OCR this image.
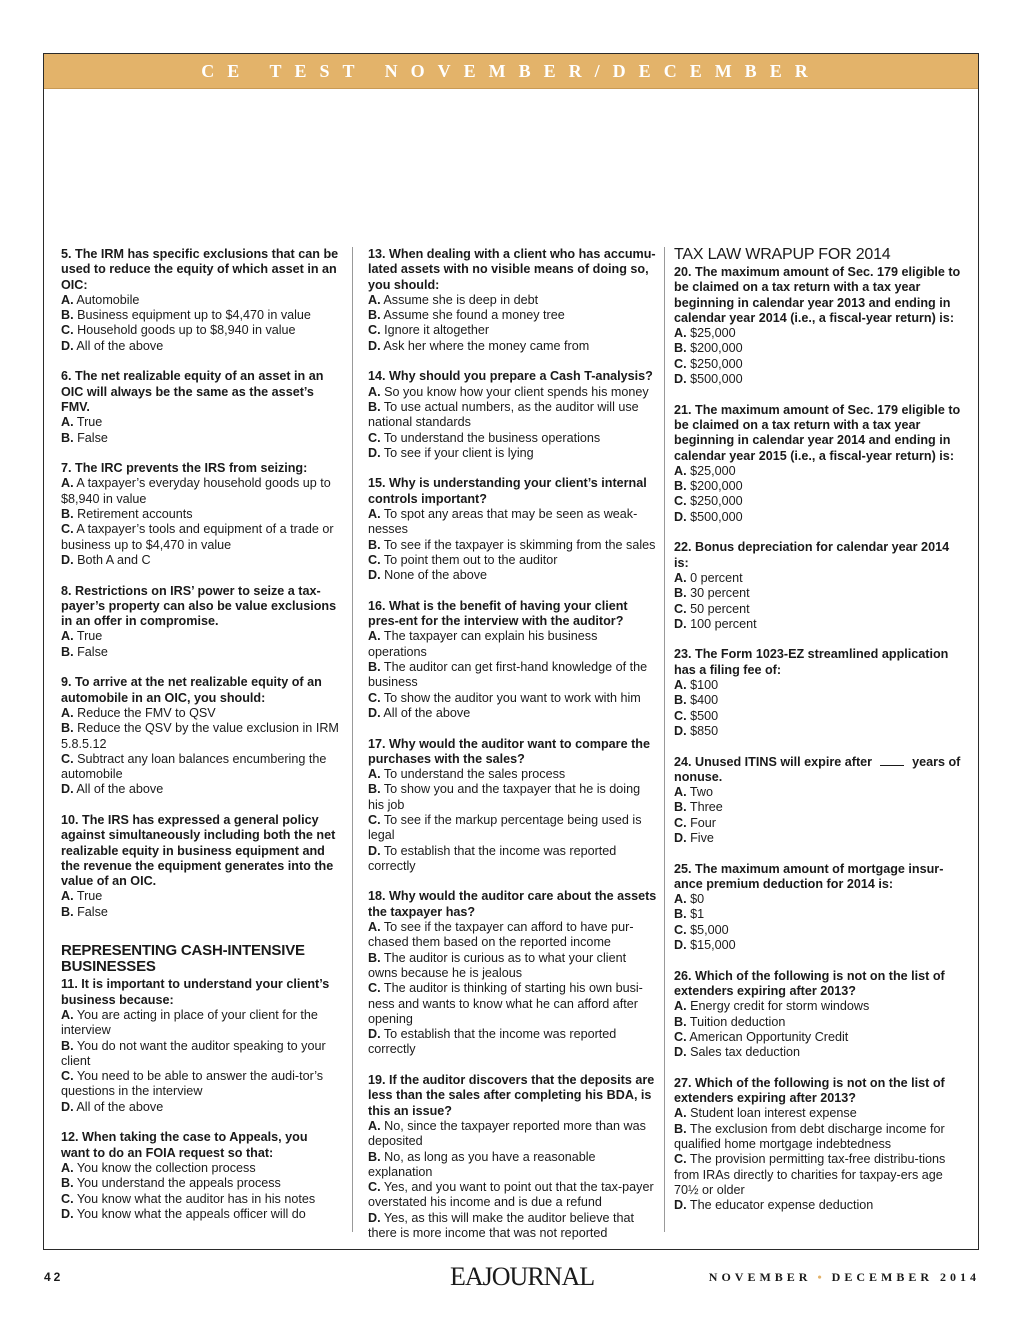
CE TEST NOVEMBER/DECEMBER

5. The IRM has specific exclusions that can be used to reduce the equity of which asset in an OIC:

A. Automobile

B. Business equipment up to $4,470 in value

C. Household goods up to $8,940 in value

D. All of the above

6. The net realizable equity of an asset in an OIC will always be the same as the asset’s FMV.

A. True

B. False

7. The IRC prevents the IRS from seizing:

A. A taxpayer’s everyday household goods up to $8,940 in value

B. Retirement accounts

C. A taxpayer’s tools and equipment of a trade or business up to $4,470 in value

D. Both A and C

8. Restrictions on IRS’ power to seize a tax-payer’s property can also be value exclusions in an offer in compromise.

A. True

B. False

9. To arrive at the net realizable equity of an automobile in an OIC, you should:

A. Reduce the FMV to QSV

B. Reduce the QSV by the value exclusion in IRM 5.8.5.12

C. Subtract any loan balances encumbering the automobile

D. All of the above

10. The IRS has expressed a general policy against simultaneously including both the net realizable equity in business equipment and the revenue the equipment generates into the value of an OIC.

A. True

B. False

REPRESENTING CASH-INTENSIVE BUSINESSES

11. It is important to understand your client’s business because:

A. You are acting in place of your client for the interview

B. You do not want the auditor speaking to your client

C. You need to be able to answer the audi-tor’s questions in the interview

D. All of the above

12. When taking the case to Appeals, you want to do an FOIA request so that:

A. You know the collection process

B. You understand the appeals process

C. You know what the auditor has in his notes

D. You know what the appeals officer will do

13. When dealing with a client who has accumu-lated assets with no visible means of doing so, you should:

A. Assume she is deep in debt

B. Assume she found a money tree

C. Ignore it altogether

D. Ask her where the money came from

14. Why should you prepare a Cash T-analysis?

A. So you know how your client spends his money

B. To use actual numbers, as the auditor will use national standards

C. To understand the business operations

D. To see if your client is lying

15. Why is understanding your client’s internal controls important?

A. To spot any areas that may be seen as weak-nesses

B. To see if the taxpayer is skimming from the sales

C. To point them out to the auditor

D. None of the above

16. What is the benefit of having your client pres-ent for the interview with the auditor?

A. The taxpayer can explain his business operations

B. The auditor can get first-hand knowledge of the business

C. To show the auditor you want to work with him

D. All of the above

17. Why would the auditor want to compare the purchases with the sales?

A. To understand the sales process

B. To show you and the taxpayer that he is doing his job

C. To see if the markup percentage being used is legal

D. To establish that the income was reported correctly

18. Why would the auditor care about the assets the taxpayer has?

A. To see if the taxpayer can afford to have pur-chased them based on the reported income

B. The auditor is curious as to what your client owns because he is jealous

C. The auditor is thinking of starting his own busi-ness and wants to know what he can afford after opening

D. To establish that the income was reported correctly

19. If the auditor discovers that the deposits are less than the sales after completing his BDA, is this an issue?

A. No, since the taxpayer reported more than was deposited

B. No, as long as you have a reasonable explanation

C. Yes, and you want to point out that the tax-payer overstated his income and is due a refund

D. Yes, as this will make the auditor believe that there is more income that was not reported

TAX LAW WRAPUP FOR 2014

20. The maximum amount of Sec. 179 eligible to be claimed on a tax return with a tax year beginning in calendar year 2013 and ending in calendar year 2014 (i.e., a fiscal-year return) is:

A. $25,000

B. $200,000

C. $250,000

D. $500,000

21. The maximum amount of Sec. 179 eligible to be claimed on a tax return with a tax year beginning in calendar year 2014 and ending in calendar year 2015 (i.e., a fiscal-year return) is:

A. $25,000

B. $200,000

C. $250,000

D. $500,000

22. Bonus depreciation for calendar year 2014 is:

A. 0 percent

B. 30 percent

C. 50 percent

D. 100 percent

23. The Form 1023-EZ streamlined application has a filing fee of:

A. $100

B. $400

C. $500

D. $850

24. Unused ITINS will expire after	years of nonuse.

A. Two

B. Three

C. Four

D. Five

25. The maximum amount of mortgage insur-ance premium deduction for 2014 is:

A. $0

B. $1

C. $5,000

D. $15,000

26. Which of the following is not on the list of extenders expiring after 2013?

A. Energy credit for storm windows

B. Tuition deduction

C. American Opportunity Credit

D. Sales tax deduction

27. Which of the following is not on the list of extenders expiring after 2013?

A. Student loan interest expense

B. The exclusion from debt discharge income for qualified home mortgage indebtedness

C. The provision permitting tax-free distribu-tions from IRAs directly to charities for taxpay-ers age 70½ or older

D. The educator expense deduction

42	EAJOURNAL	NOVEMBER • DECEMBER 2014
